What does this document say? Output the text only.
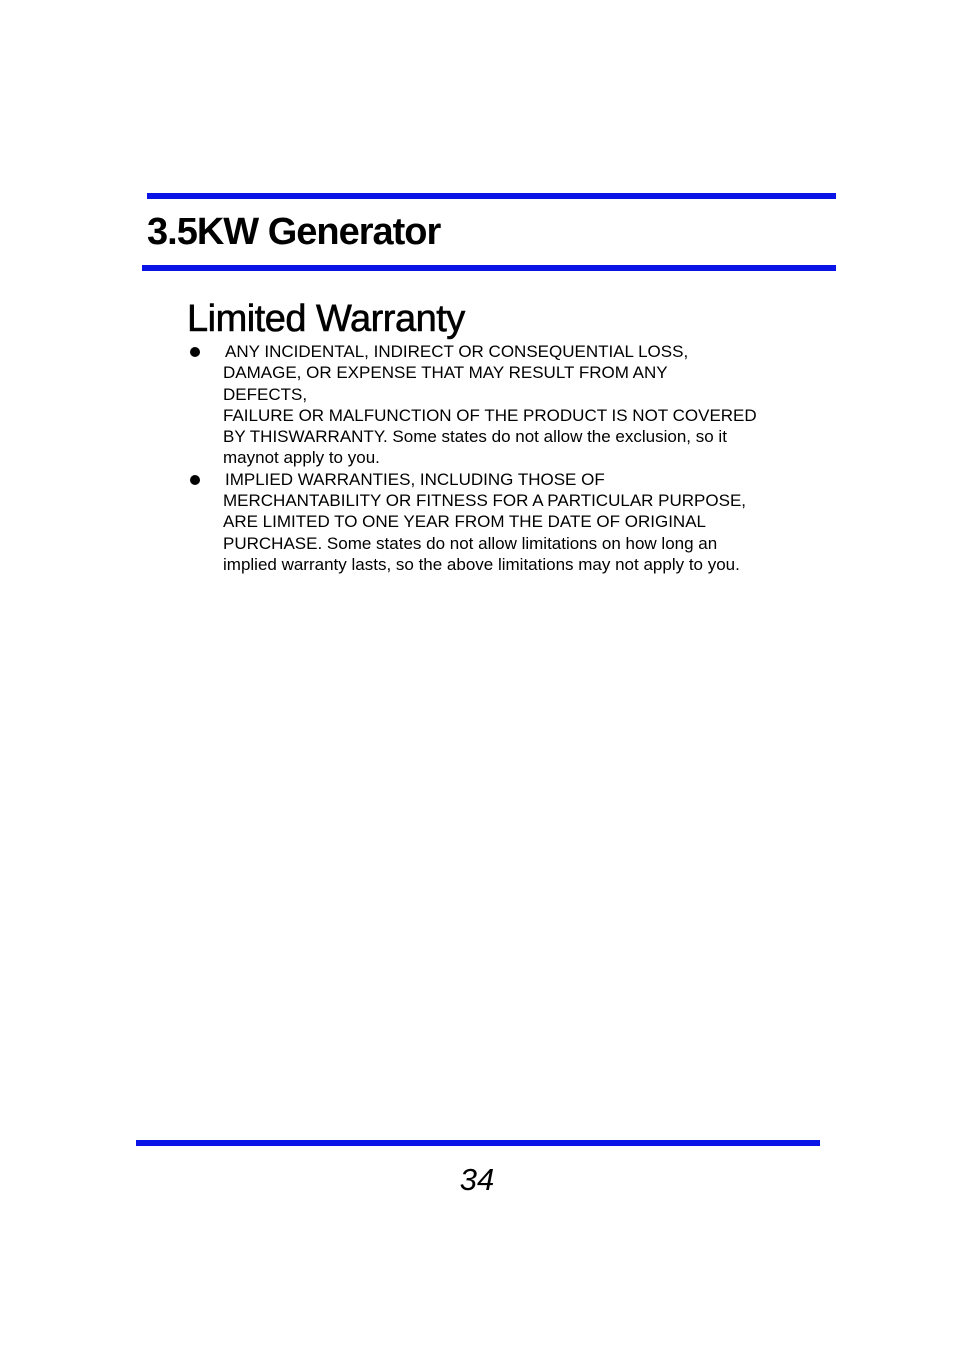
3.5KW Generator
Limited Warranty
ANY INCIDENTAL, INDIRECT OR CONSEQUENTIAL LOSS,
DAMAGE, OR EXPENSE THAT MAY RESULT FROM ANY
DEFECTS,
FAILURE OR MALFUNCTION OF THE PRODUCT IS NOT COVERED
BY THISWARRANTY. Some states do not allow the exclusion, so it
maynot apply to you.
IMPLIED WARRANTIES, INCLUDING THOSE OF
MERCHANTABILITY OR FITNESS FOR A PARTICULAR PURPOSE,
ARE LIMITED TO ONE YEAR FROM THE DATE OF ORIGINAL
PURCHASE. Some states do not allow limitations on how long an
implied warranty lasts, so the above limitations may not apply to you.
34
